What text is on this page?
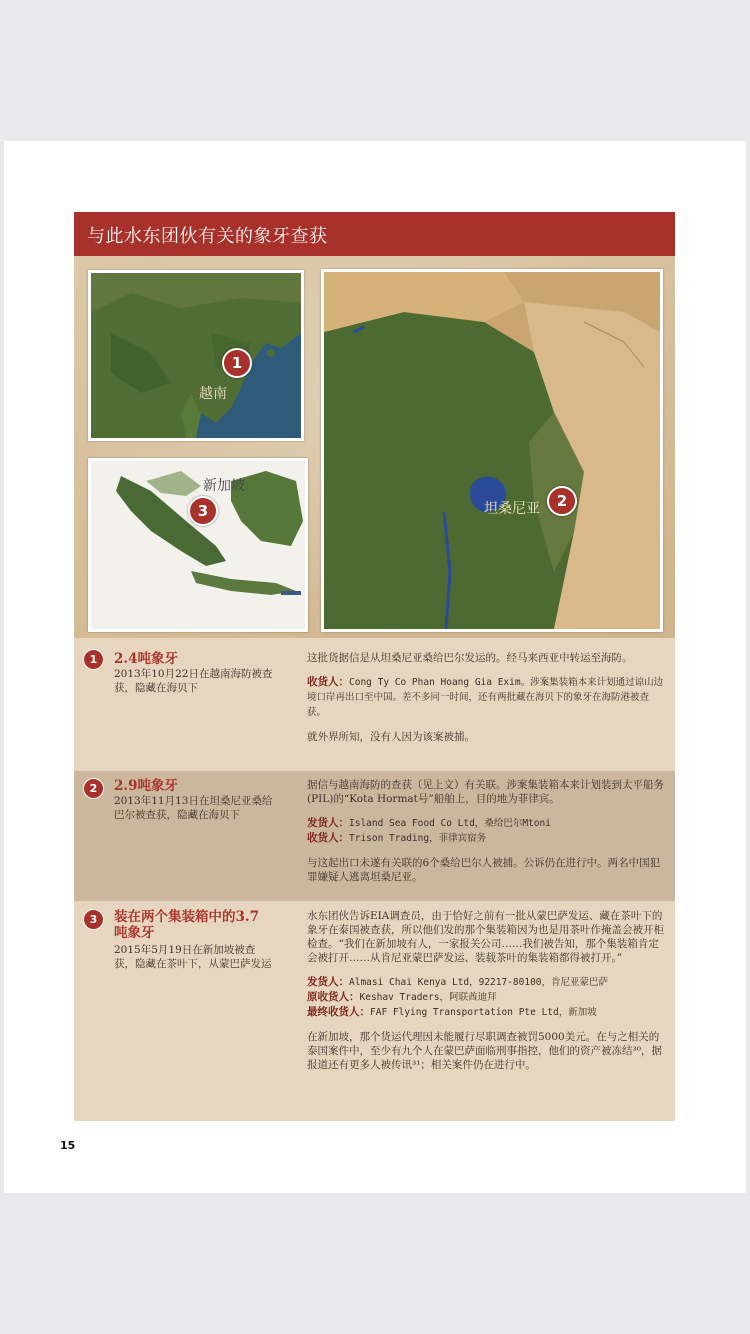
与此水东团伙有关的象牙查获
1
越南
3
新加坡
2
坦桑尼亚
1	2.4吨象牙
2013年10月22日在越南海防被查获，隐藏在海贝下

这批货据信是从坦桑尼亚桑给巴尔发运的。经马来西亚中转运至海防。

收货人：Cong Ty Co Phan Hoang Gia Exim。涉案集装箱本来计划通过谅山边境口岸再出口至中国。差不多同一时间，还有两批藏在海贝下的象牙在海防港被查获。

就外界所知，没有人因为该案被捕。

2	2.9吨象牙
2013年11月13日在坦桑尼亚桑给巴尔被查获，隐藏在海贝下

据信与越南海防的查获（见上文）有关联。涉案集装箱本来计划装到太平船务(PIL)的“Kota Hormat号”船舶上，目的地为菲律宾。

发货人：Island Sea Food Co Ltd，桑给巴尔Mtoni

收货人：Trison Trading，菲律宾宿务

与这起出口未遂有关联的6个桑给巴尔人被捕。公诉仍在进行中。两名中国犯罪嫌疑人逃离坦桑尼亚。

3	装在两个集装箱中的3.7吨象牙
2015年5月19日在新加坡被查获，隐藏在茶叶下，从蒙巴萨发运

水东团伙告诉EIA调查员，由于恰好之前有一批从蒙巴萨发运、藏在茶叶下的象牙在泰国被查获，所以他们发的那个集装箱因为也是用茶叶作掩盖会被开柜检查。“我们在新加坡有人，一家报关公司……我们被告知，那个集装箱肯定会被打开……从肯尼亚蒙巴萨发运、装载茶叶的集装箱都得被打开。”

发货人：Almasi Chai Kenya Ltd，92217-80100，肯尼亚蒙巴萨

原收货人：Keshav Traders，阿联酋迪拜

最终收货人：FAF Flying Transportation Pte Ltd，新加坡

在新加坡，那个货运代理因未能履行尽职调查被罚5000美元。在与之相关的泰国案件中，至少有九个人在蒙巴萨面临刑事指控，他们的资产被冻结³⁰，据报道还有更多人被传讯³¹；相关案件仍在进行中。

15
